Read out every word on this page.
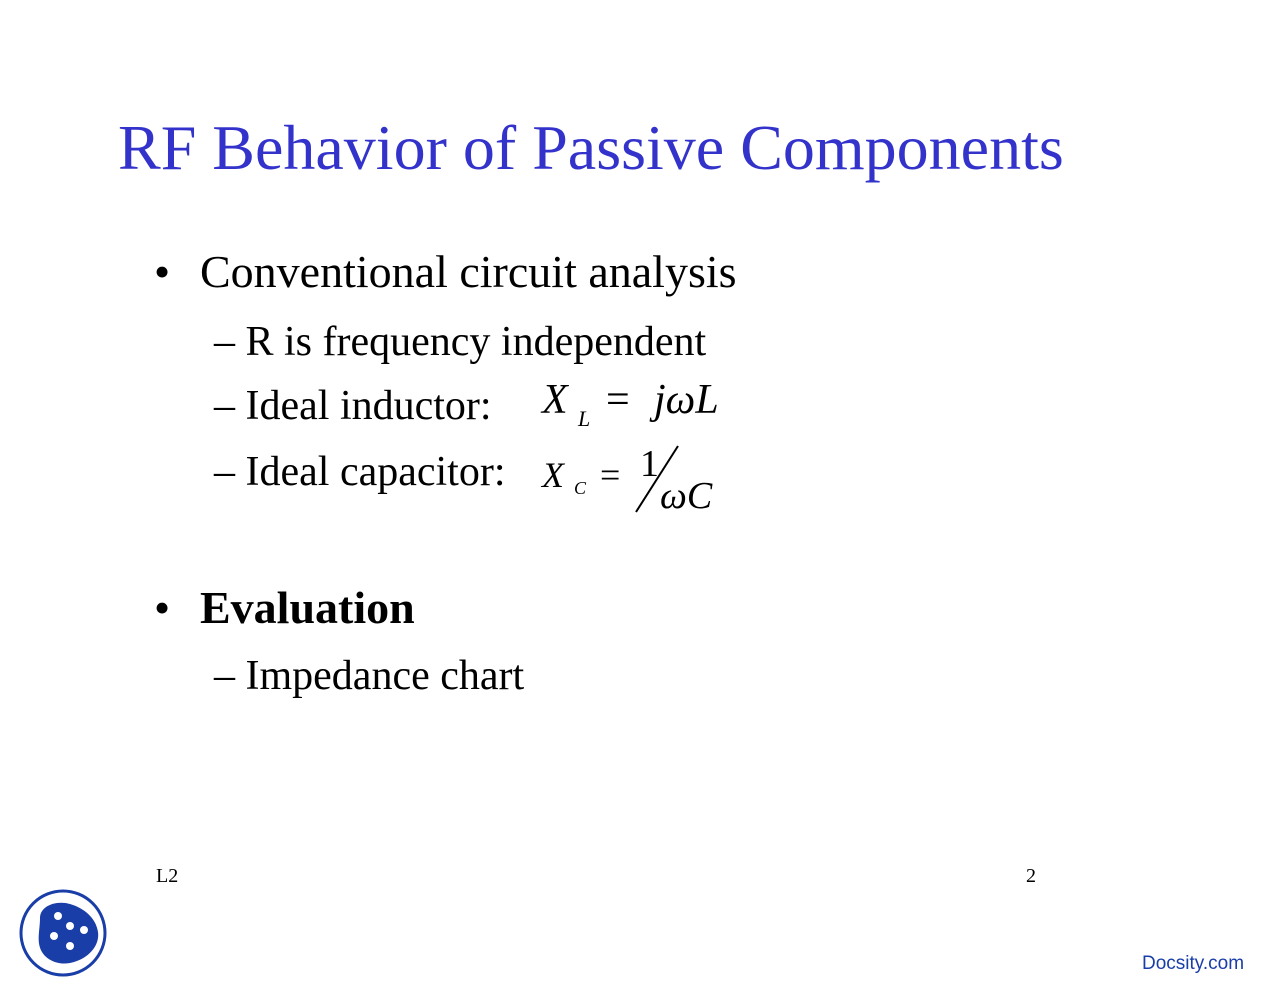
RF Behavior of Passive Components
• Conventional circuit analysis
– R is frequency independent
– Ideal inductor: X L = jωL
– Ideal capacitor: X C = 1
ωC
• Evaluation
– Impedance chart
L2	2
Docsity.com
